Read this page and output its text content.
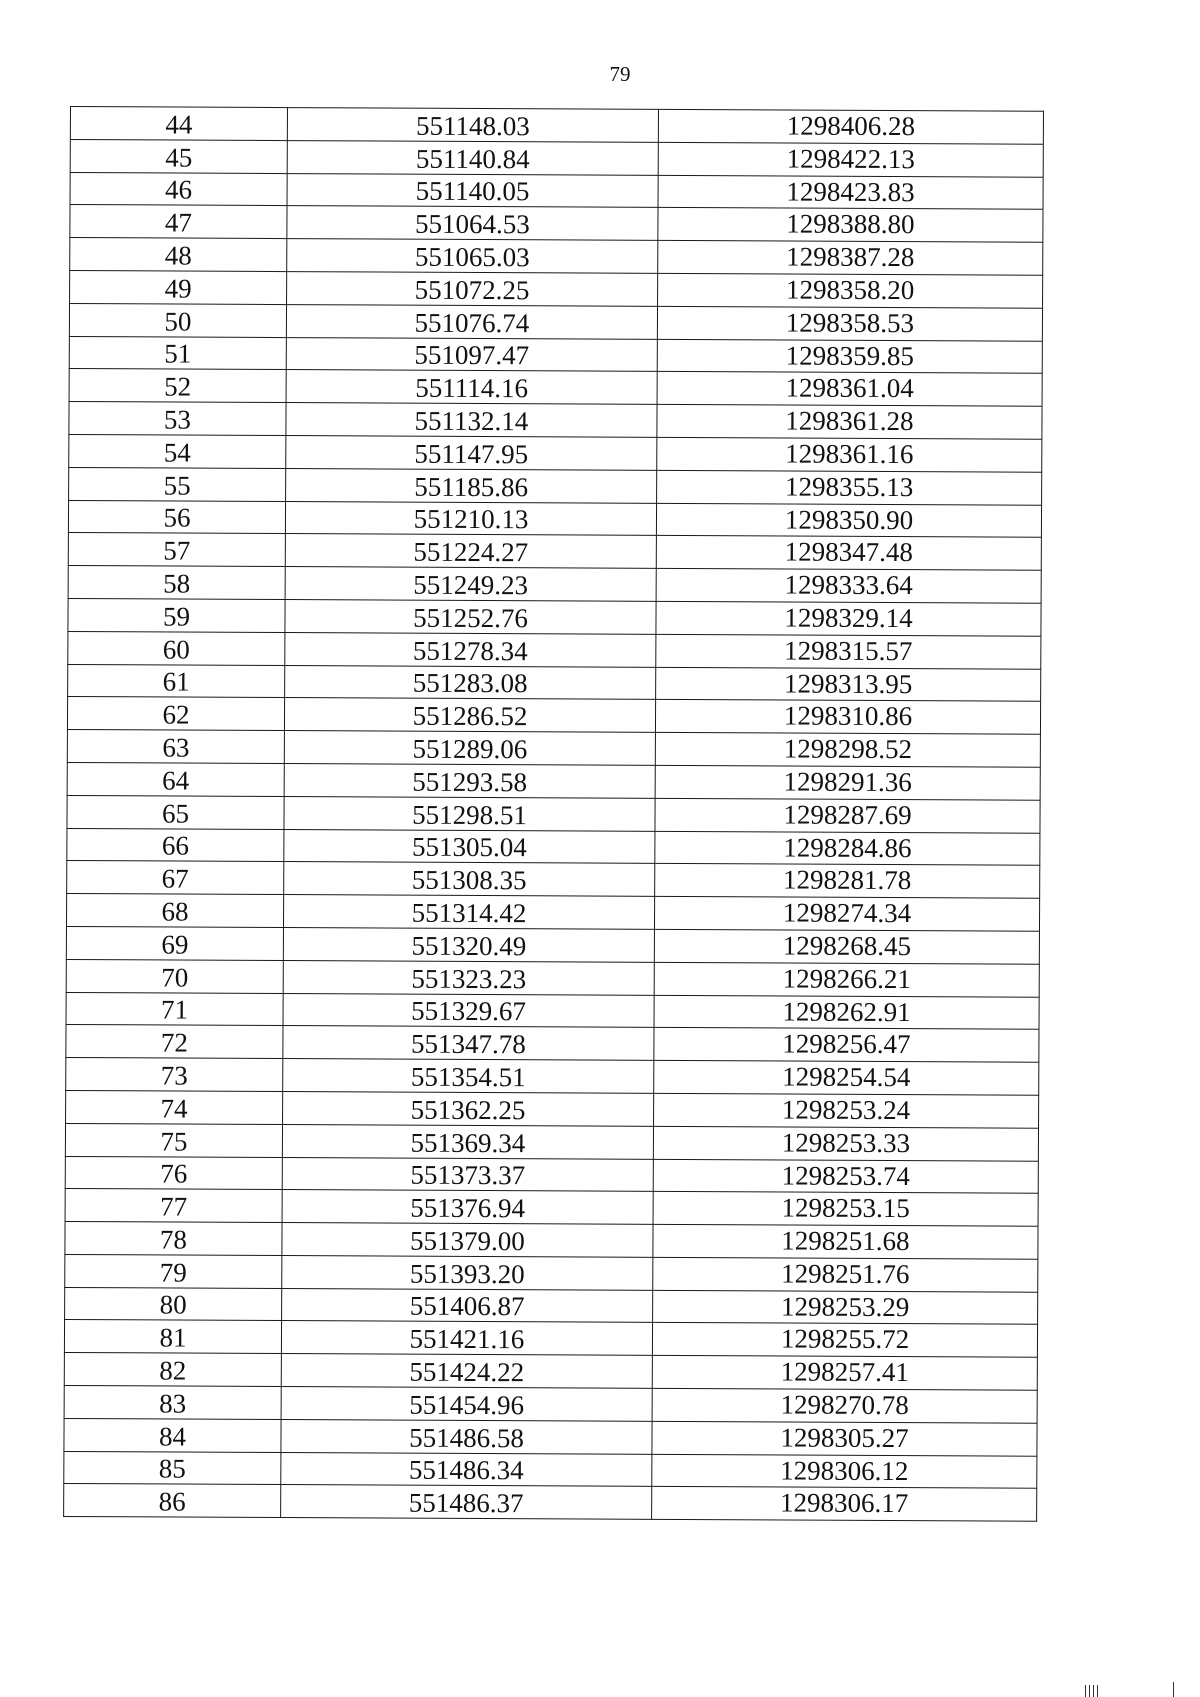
79
44	551148.03	1298406.28
45	551140.84	1298422.13
46	551140.05	1298423.83
47	551064.53	1298388.80
48	551065.03	1298387.28
49	551072.25	1298358.20
50	551076.74	1298358.53
51	551097.47	1298359.85
52	551114.16	1298361.04
53	551132.14	1298361.28
54	551147.95	1298361.16
55	551185.86	1298355.13
56	551210.13	1298350.90
57	551224.27	1298347.48
58	551249.23	1298333.64
59	551252.76	1298329.14
60	551278.34	1298315.57
61	551283.08	1298313.95
62	551286.52	1298310.86
63	551289.06	1298298.52
64	551293.58	1298291.36
65	551298.51	1298287.69
66	551305.04	1298284.86
67	551308.35	1298281.78
68	551314.42	1298274.34
69	551320.49	1298268.45
70	551323.23	1298266.21
71	551329.67	1298262.91
72	551347.78	1298256.47
73	551354.51	1298254.54
74	551362.25	1298253.24
75	551369.34	1298253.33
76	551373.37	1298253.74
77	551376.94	1298253.15
78	551379.00	1298251.68
79	551393.20	1298251.76
80	551406.87	1298253.29
81	551421.16	1298255.72
82	551424.22	1298257.41
83	551454.96	1298270.78
84	551486.58	1298305.27
85	551486.34	1298306.12
86	551486.37	1298306.17
